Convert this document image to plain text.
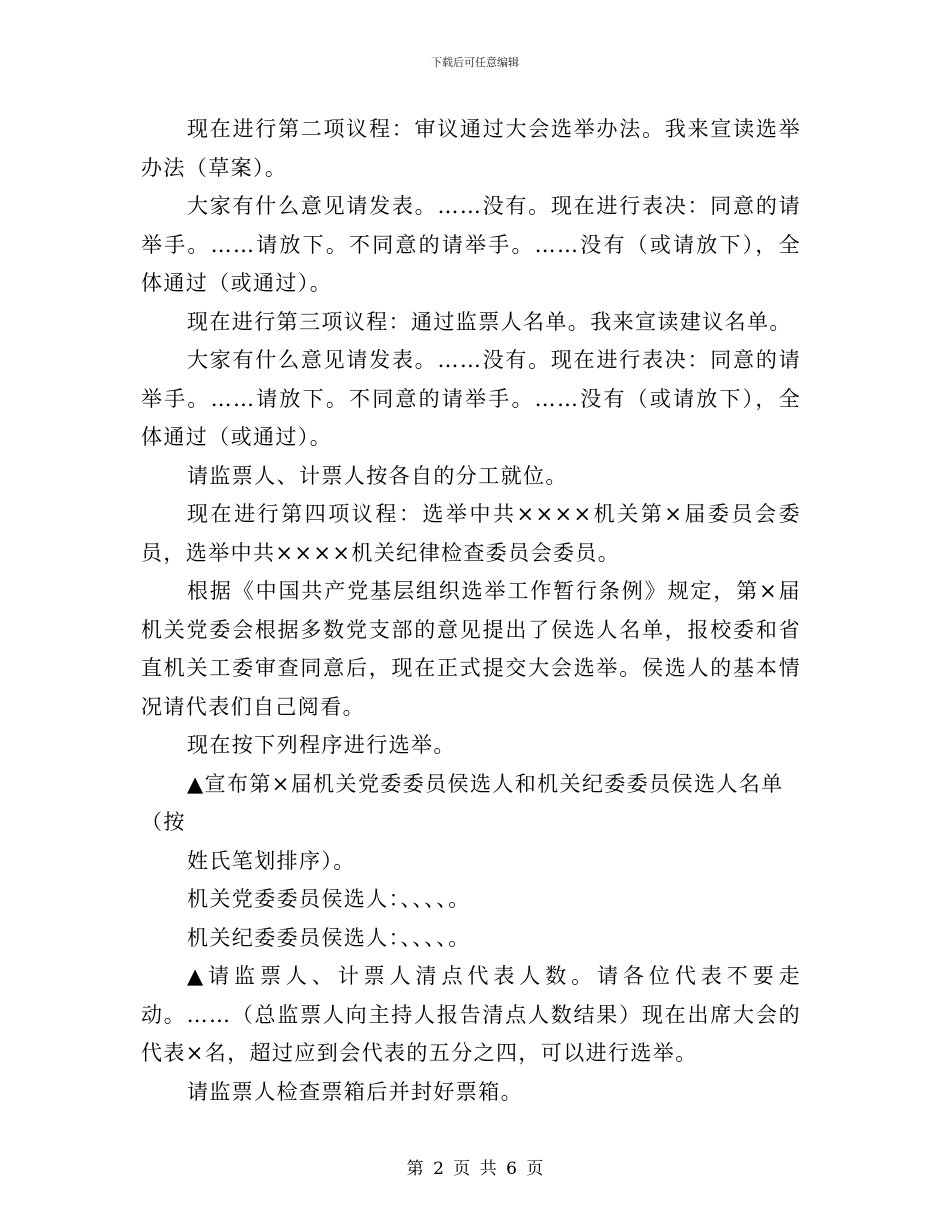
下载后可任意编辑

现在进行第二项议程：审议通过大会选举办法。我来宣读选举办法（草案）。

大家有什么意见请发表。……没有。现在进行表决：同意的请举手。……请放下。不同意的请举手。……没有（或请放下），全体通过（或通过）。

现在进行第三项议程：通过监票人名单。我来宣读建议名单。

大家有什么意见请发表。……没有。现在进行表决：同意的请举手。……请放下。不同意的请举手。……没有（或请放下），全体通过（或通过）。

请监票人、计票人按各自的分工就位。

现在进行第四项议程：选举中共××××机关第×届委员会委员，选举中共××××机关纪律检查委员会委员。

根据《中国共产党基层组织选举工作暂行条例》规定，第×届机关党委会根据多数党支部的意见提出了侯选人名单，报校委和省直机关工委审查同意后，现在正式提交大会选举。侯选人的基本情况请代表们自己阅看。

现在按下列程序进行选举。

▲宣布第×届机关党委委员侯选人和机关纪委委员侯选人名单

（按

姓氏笔划排序）。

机关党委委员侯选人：、、、、。

机关纪委委员侯选人：、、、、。

▲请监票人、计票人清点代表人数。请各位代表不要走动。……（总监票人向主持人报告清点人数结果）现在出席大会的代表×名，超过应到会代表的五分之四，可以进行选举。

请监票人检查票箱后并封好票箱。

第 2 页 共 6 页
